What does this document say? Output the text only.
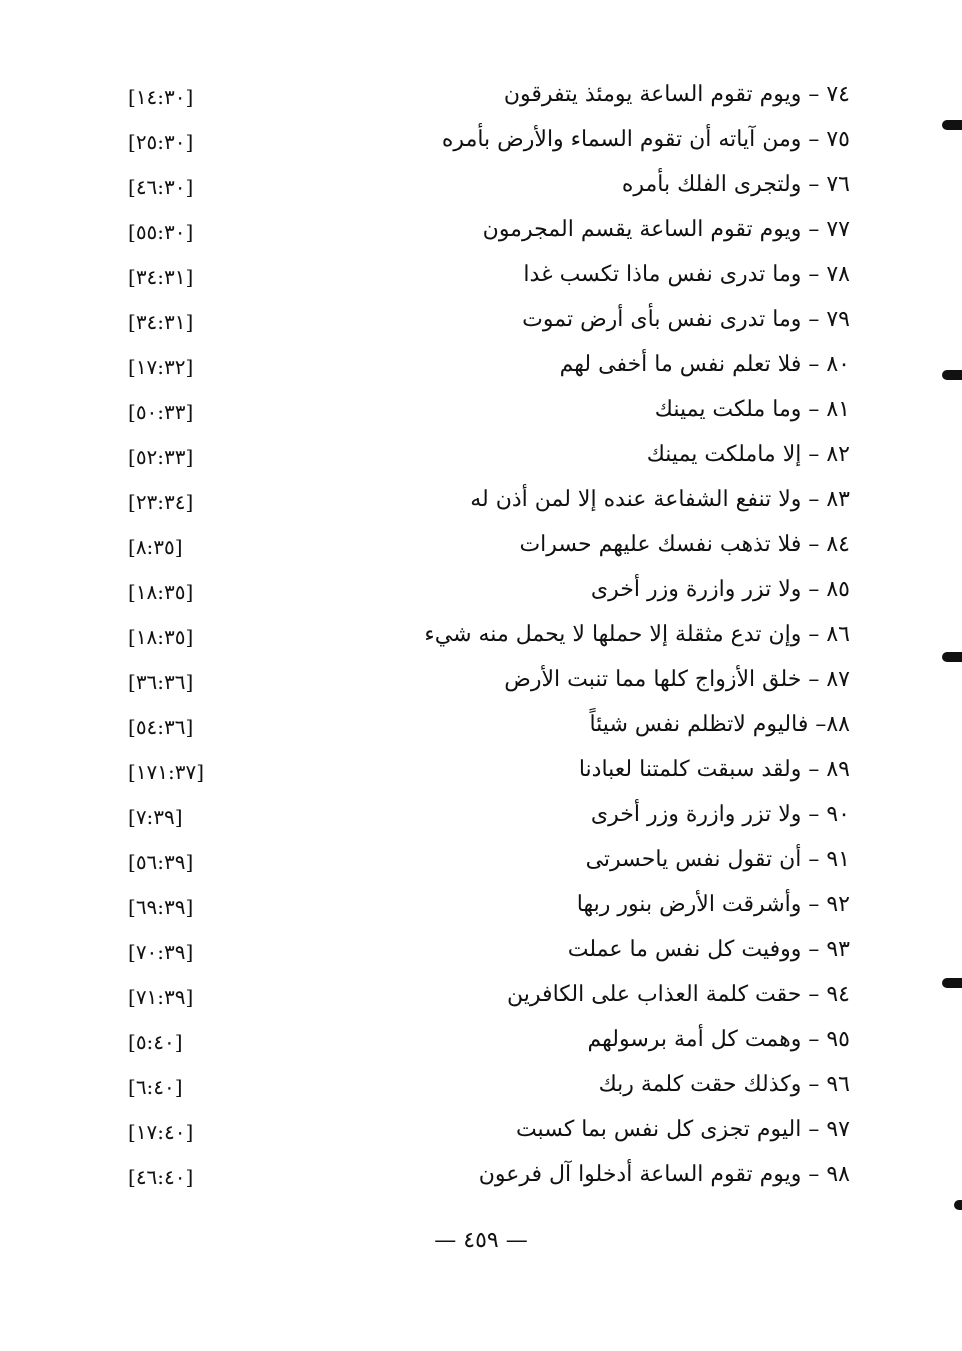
٧٤ – ويوم تقوم الساعة يومئذ يتفرقون
[١٤:٣٠]
٧٥ – ومن آياته أن تقوم السماء والأرض بأمره
[٢٥:٣٠]
٧٦ – ولتجرى الفلك بأمره
[٤٦:٣٠]
٧٧ – ويوم تقوم الساعة يقسم المجرمون
[٥٥:٣٠]
٧٨ – وما تدرى نفس ماذا تكسب غدا
[٣٤:٣١]
٧٩ – وما تدرى نفس بأى أرض تموت
[٣٤:٣١]
٨٠ – فلا تعلم نفس ما أخفى لهم
[١٧:٣٢]
٨١ – وما ملكت يمينك
[٥٠:٣٣]
٨٢ – إلا ماملكت يمينك
[٥٢:٣٣]
٨٣ – ولا تنفع الشفاعة عنده إلا لمن أذن له
[٢٣:٣٤]
٨٤ – فلا تذهب نفسك عليهم حسرات
[٨:٣٥]
٨٥ – ولا تزر وازرة وزر أخرى
[١٨:٣٥]
٨٦ – وإن تدع مثقلة إلا حملها لا يحمل منه شيء
[١٨:٣٥]
٨٧ – خلق الأزواج كلها مما تنبت الأرض
[٣٦:٣٦]
٨٨– فاليوم لاتظلم نفس شيئاً
[٥٤:٣٦]
٨٩ – ولقد سبقت كلمتنا لعبادنا
[١٧١:٣٧]
٩٠ – ولا تزر وازرة وزر أخرى
[٧:٣٩]
٩١ – أن تقول نفس ياحسرتى
[٥٦:٣٩]
٩٢ – وأشرقت الأرض بنور ربها
[٦٩:٣٩]
٩٣ – ووفيت كل نفس ما عملت
[٧٠:٣٩]
٩٤ – حقت كلمة العذاب على الكافرين
[٧١:٣٩]
٩٥ – وهمت كل أمة برسولهم
[٥:٤٠]
٩٦ – وكذلك حقت كلمة ربك
[٦:٤٠]
٩٧ – اليوم تجزى كل نفس بما كسبت
[١٧:٤٠]
٩٨ – ويوم تقوم الساعة أدخلوا آل فرعون
[٤٦:٤٠]
— ٤٥٩ —
